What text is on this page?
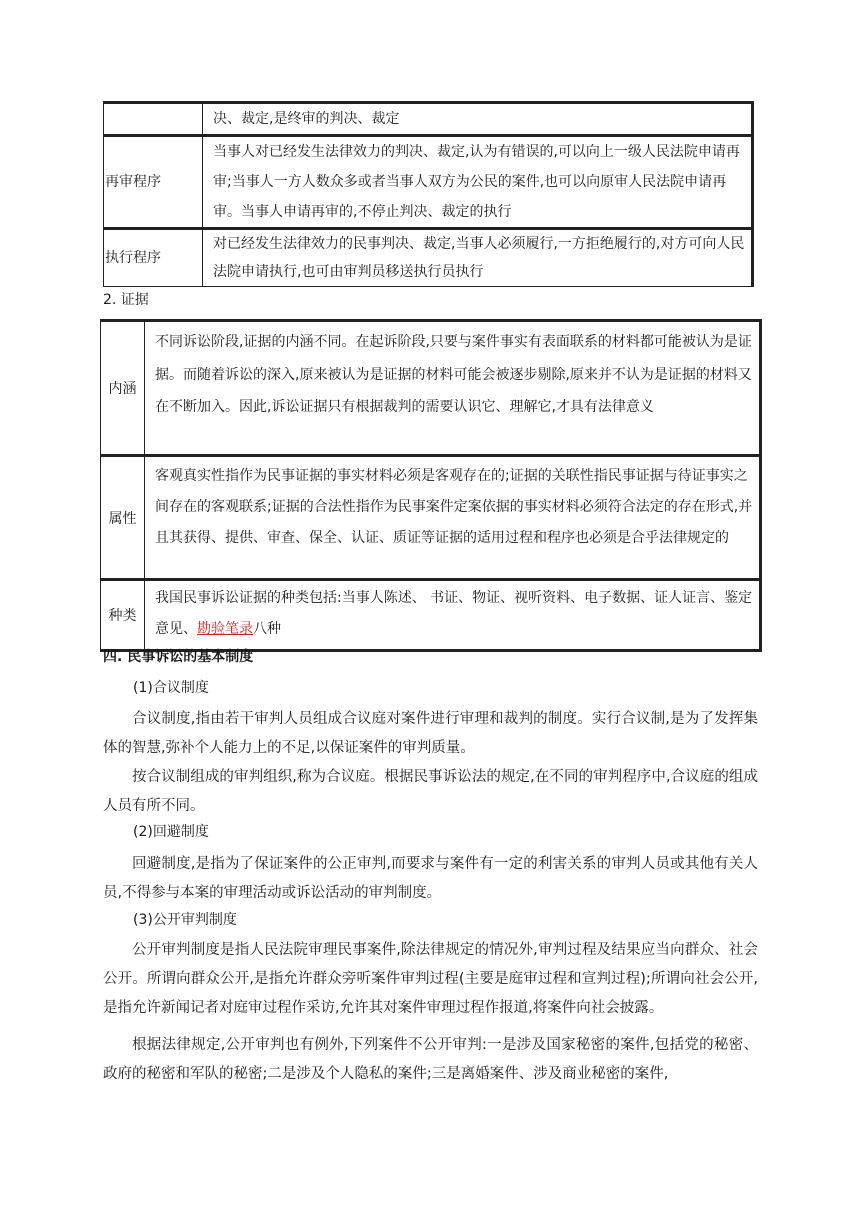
	决、裁定,是终审的判决、裁定
再审程序	当事人对已经发生法律效力的判决、裁定,认为有错误的,可以向上一级人民法院申请再审;当事人一方人数众多或者当事人双方为公民的案件,也可以向原审人民法院申请再审。当事人申请再审的,不停止判决、裁定的执行
执行程序	对已经发生法律效力的民事判决、裁定,当事人必须履行,一方拒绝履行的,对方可向人民法院申请执行,也可由审判员移送执行员执行
2. 证据
内涵	不同诉讼阶段,证据的内涵不同。在起诉阶段,只要与案件事实有表面联系的材料都可能被认为是证据。而随着诉讼的深入,原来被认为是证据的材料可能会被逐步剔除,原来并不认为是证据的材料又在不断加入。因此,诉讼证据只有根据裁判的需要认识它、理解它,才具有法律意义
属性	客观真实性指作为民事证据的事实材料必须是客观存在的;证据的关联性指民事证据与待证事实之间存在的客观联系;证据的合法性指作为民事案件定案依据的事实材料必须符合法定的存在形式,并且其获得、提供、审查、保全、认证、质证等证据的适用过程和程序也必须是合乎法律规定的
种类	我国民事诉讼证据的种类包括:当事人陈述、 书证、物证、视听资料、电子数据、证人证言、鉴定意见、勘验笔录八种
四. 民事诉讼的基本制度
(1)合议制度

合议制度,指由若干审判人员组成合议庭对案件进行审理和裁判的制度。实行合议制,是为了发挥集体的智慧,弥补个人能力上的不足,以保证案件的审判质量。

按合议制组成的审判组织,称为合议庭。根据民事诉讼法的规定,在不同的审判程序中,合议庭的组成人员有所不同。

(2)回避制度

回避制度,是指为了保证案件的公正审判,而要求与案件有一定的利害关系的审判人员或其他有关人员,不得参与本案的审理活动或诉讼活动的审判制度。

(3)公开审判制度

公开审判制度是指人民法院审理民事案件,除法律规定的情况外,审判过程及结果应当向群众、社会公开。所谓向群众公开,是指允许群众旁听案件审判过程(主要是庭审过程和宣判过程);所谓向社会公开,是指允许新闻记者对庭审过程作采访,允许其对案件审理过程作报道,将案件向社会披露。

根据法律规定,公开审判也有例外,下列案件不公开审判:一是涉及国家秘密的案件,包括党的秘密、政府的秘密和军队的秘密;二是涉及个人隐私的案件;三是离婚案件、涉及商业秘密的案件,
